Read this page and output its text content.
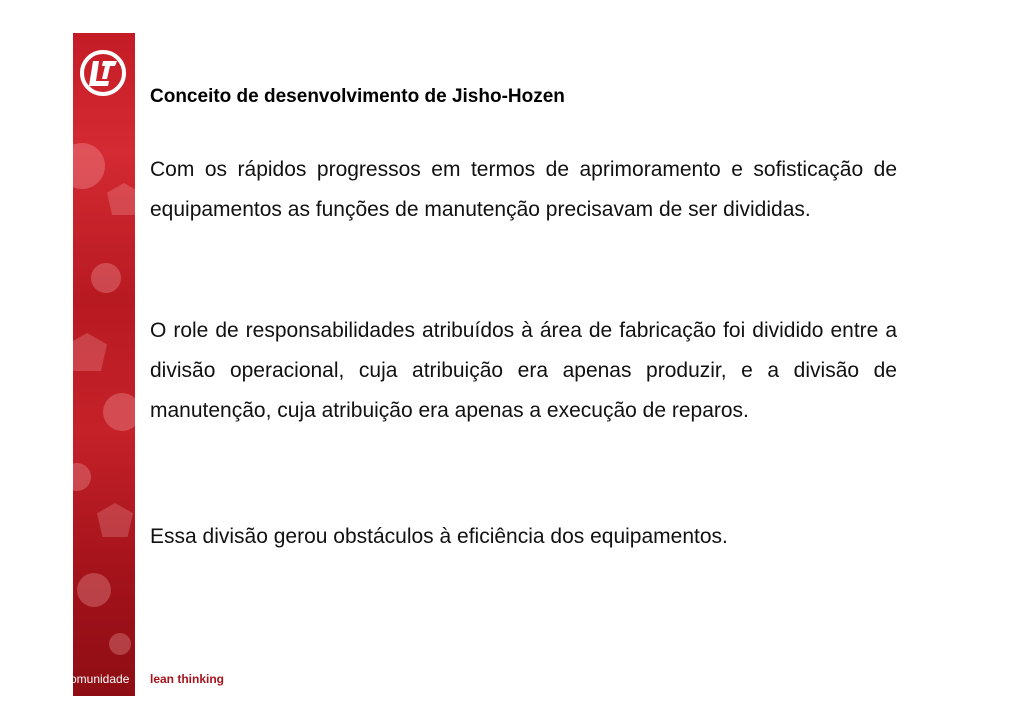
comunidade	lean thinking
Conceito de desenvolvimento de Jisho-Hozen

Com os rápidos progressos em termos de aprimoramento e sofisticação de equipamentos as funções de manutenção precisavam de ser divididas.

O role de responsabilidades atribuídos à área de fabricação foi dividido entre a divisão operacional, cuja atribuição era apenas produzir, e a divisão de manutenção, cuja atribuição era apenas a execução de reparos.

Essa divisão gerou obstáculos à eficiência dos equipamentos.
